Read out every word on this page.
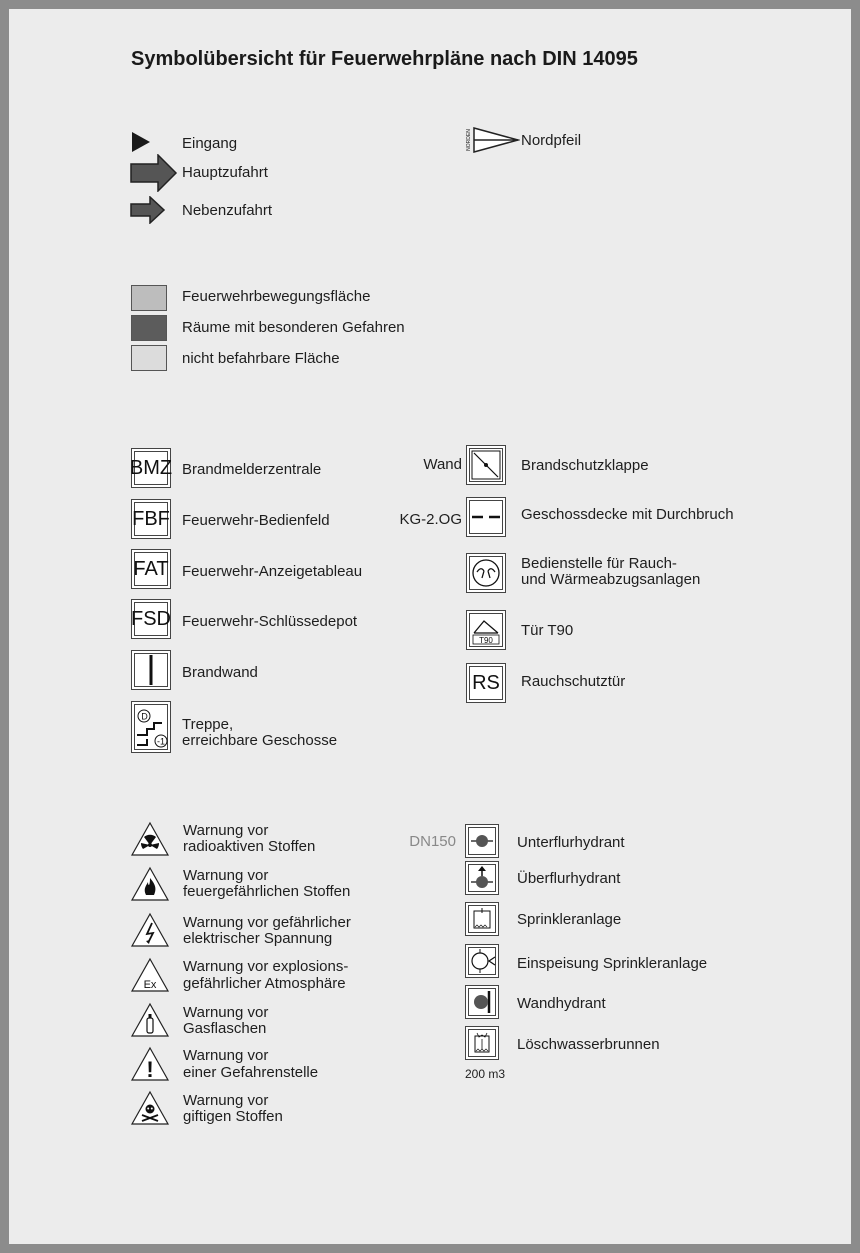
Symbolübersicht für Feuerwehrpläne nach DIN 14095
Eingang
Hauptzufahrt
Nebenzufahrt
NORDEN	Nordpfeil
Feuerwehrbewegungsfläche
Räume mit besonderen Gefahren
nicht befahrbare Fläche
BMZ Brandmelderzentrale
FBF Feuerwehr-Bedienfeld
FAT Feuerwehr-Anzeigetableau
FSD Feuerwehr-Schlüssedepot
Brandwand
D
-1
Treppe,
erreichbare Geschosse
Wand	Brandschutzklappe
KG-2.OG	Geschossdecke mit Durchbruch
Bedienstelle für Rauch-
und Wärmeabzugsanlagen
T90
Tür T90
RS	Rauchschutztür
Warnung vor
radioaktiven Stoffen
Warnung vor
feuergefährlichen Stoffen
Warnung vor gefährlicher
elektrischer Spannung
Ex
Warnung vor explosions-
gefährlicher Atmosphäre
Warnung vor
Gasflaschen
!
Warnung vor
einer Gefahrenstelle
Warnung vor
giftigen Stoffen
DN150	Unterflurhydrant
Überflurhydrant
Sprinkleranlage
Einspeisung Sprinkleranlage
Wandhydrant
200 m3
Löschwasserbrunnen
